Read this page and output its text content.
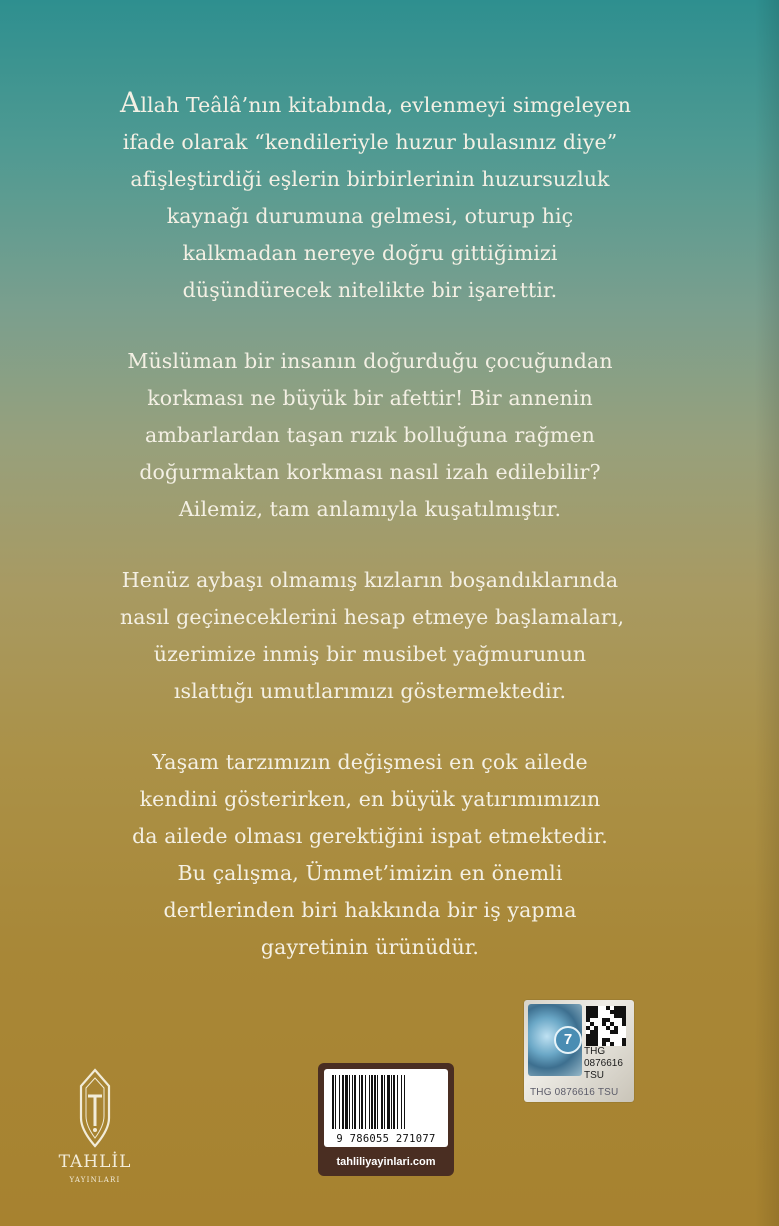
Allah Teâlâ’nın kitabında, evlenmeyi simgeleyen
ifade olarak “kendileriyle huzur bulasınız diye”
afişleştirdiği eşlerin birbirlerinin huzursuzluk
kaynağı durumuna gelmesi, oturup hiç
kalkmadan nereye doğru gittiğimizi
düşündürecek nitelikte bir işarettir.

Müslüman bir insanın doğurduğu çocuğundan
korkması ne büyük bir afettir! Bir annenin
ambarlardan taşan rızık bolluğuna rağmen
doğurmaktan korkması nasıl izah edilebilir?
Ailemiz, tam anlamıyla kuşatılmıştır.

Henüz aybaşı olmamış kızların boşandıklarında
nasıl geçineceklerini hesap etmeye başlamaları,
üzerimize inmiş bir musibet yağmurunun
ıslattığı umutlarımızı göstermektedir.

Yaşam tarzımızın değişmesi en çok ailede
kendini gösterirken, en büyük yatırımımızın
da ailede olması gerektiğini ispat etmektedir.
Bu çalışma, Ümmet’imizin en önemli
dertlerinden biri hakkında bir iş yapma
gayretinin ürünüdür.

TAHLİL
YAYINLARI
9 786055 271077
tahliliyayinlari.com
7
THG
0876616
TSU
THG 0876616 TSU
